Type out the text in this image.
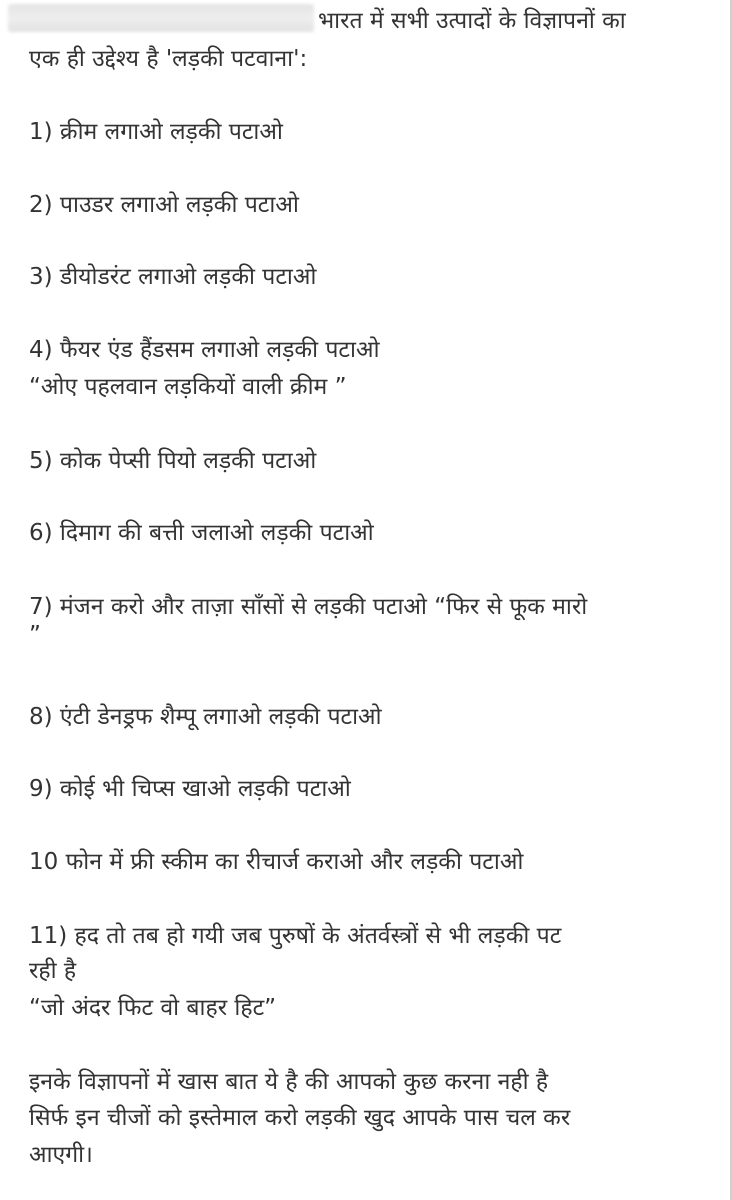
भारत में सभी उत्पादों के विज्ञापनों का
एक ही उद्देश्य है 'लड़की पटवाना':
1) क्रीम लगाओ लड़की पटाओ
2) पाउडर लगाओ लड़की पटाओ
3) डीयोडरंट लगाओ लड़की पटाओ
4) फैयर एंड हैंडसम लगाओ लड़की पटाओ
“ओए पहलवान लड़कियों वाली क्रीम ”
5) कोक पेप्सी पियो लड़की पटाओ
6) दिमाग की बत्ती जलाओ लड़की पटाओ
7) मंजन करो और ताज़ा साँसों से लड़की पटाओ “फिर से फूक मारो
”
8) एंटी डेनड्रफ शैम्पू लगाओ लड़की पटाओ
9) कोई भी चिप्स खाओ लड़की पटाओ
10 फोन में फ्री स्कीम का रीचार्ज कराओ और लड़की पटाओ
11) हद तो तब हो गयी जब पुरुषों के अंतर्वस्त्रों से भी लड़की पट
रही है
“जो अंदर फिट वो बाहर हिट”
इनके विज्ञापनों में खास बात ये है की आपको कुछ करना नही है
सिर्फ इन चीजों को इस्तेमाल करो लड़की खुद आपके पास चल कर
आएगी।
